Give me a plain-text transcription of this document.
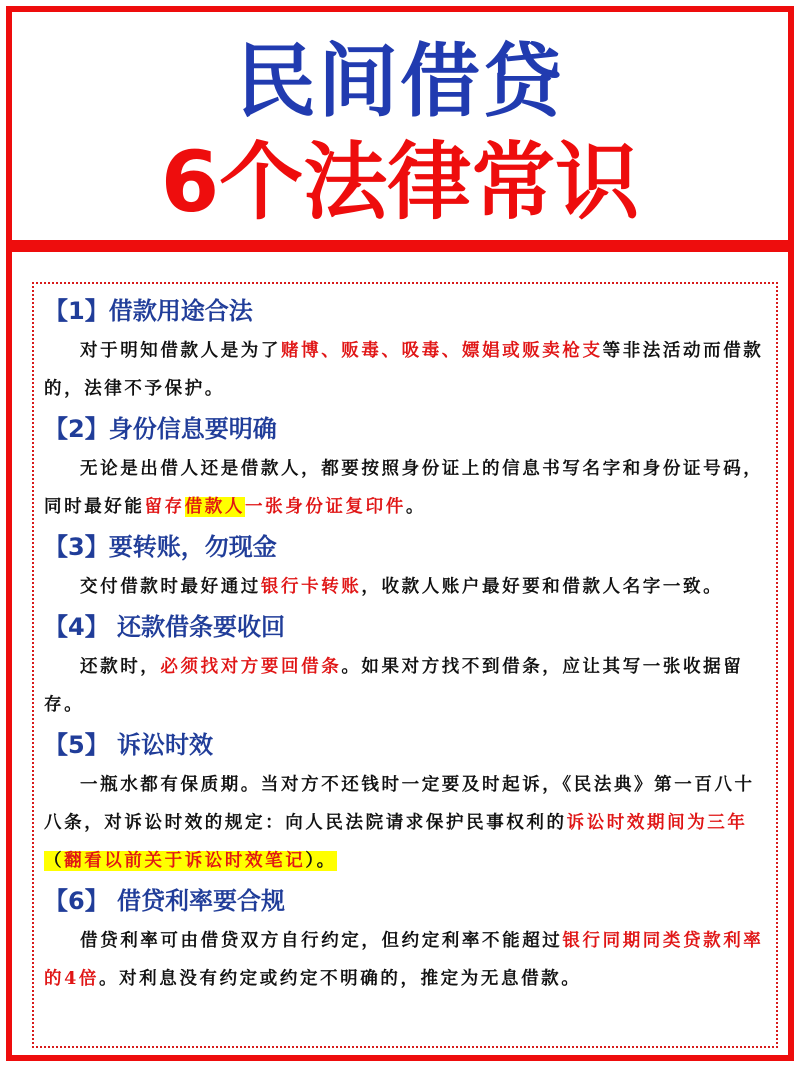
民间借贷
6个法律常识
【1】借款用途合法

对于明知借款人是为了赌博、贩毒、吸毒、嫖娼或贩卖枪支等非法活动而借款的，法律不予保护。

【2】身份信息要明确

无论是出借人还是借款人，都要按照身份证上的信息书写名字和身份证号码，同时最好能留存借款人一张身份证复印件。

【3】要转账，勿现金

交付借款时最好通过银行卡转账，收款人账户最好要和借款人名字一致。

【4】 还款借条要收回

还款时，必须找对方要回借条。如果对方找不到借条，应让其写一张收据留存。

【5】 诉讼时效

一瓶水都有保质期。当对方不还钱时一定要及时起诉，《民法典》第一百八十八条，对诉讼时效的规定：向人民法院请求保护民事权利的诉讼时效期间为三年（翻看以前关于诉讼时效笔记）。

【6】 借贷利率要合规

借贷利率可由借贷双方自行约定，但约定利率不能超过银行同期同类贷款利率的4倍。对利息没有约定或约定不明确的，推定为无息借款。
